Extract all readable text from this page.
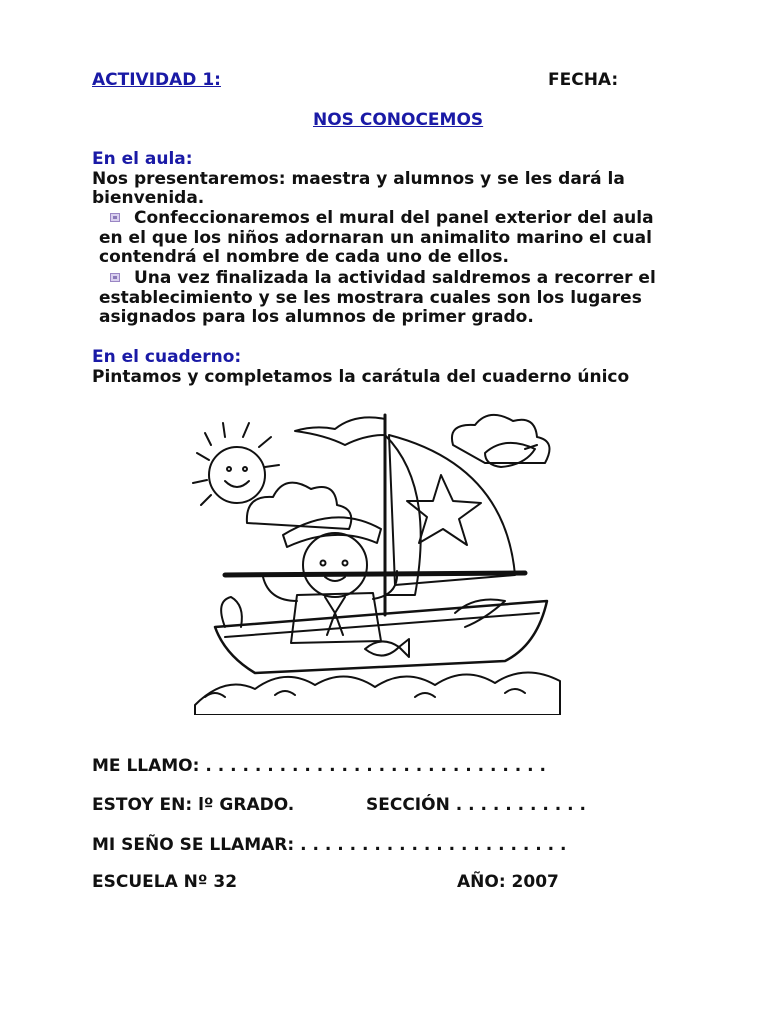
ACTIVIDAD 1:	FECHA:
NOS CONOCEMOS
En el aula:
Nos presentaremos: maestra y alumnos y se les dará la
bienvenida.
Confeccionaremos el mural del panel exterior del aula
en el que los niños adornaran un animalito marino el cual
contendrá el nombre de cada uno de ellos.
Una vez finalizada la actividad saldremos a recorrer el
establecimiento y se les mostrara cuales son los lugares
asignados para los alumnos de primer grado.
En el cuaderno:
Pintamos y completamos la carátula del cuaderno único
ME LLAMO: . . . . . . . . . . . . . . . . . . . . . . . . . . . .
ESTOY EN: lº GRADO.	SECCIÓN . . . . . . . . . . .
MI SEÑO SE LLAMAR: . . . . . . . . . . . . . . . . . . . . . .
ESCUELA Nº 32	AÑO: 2007
